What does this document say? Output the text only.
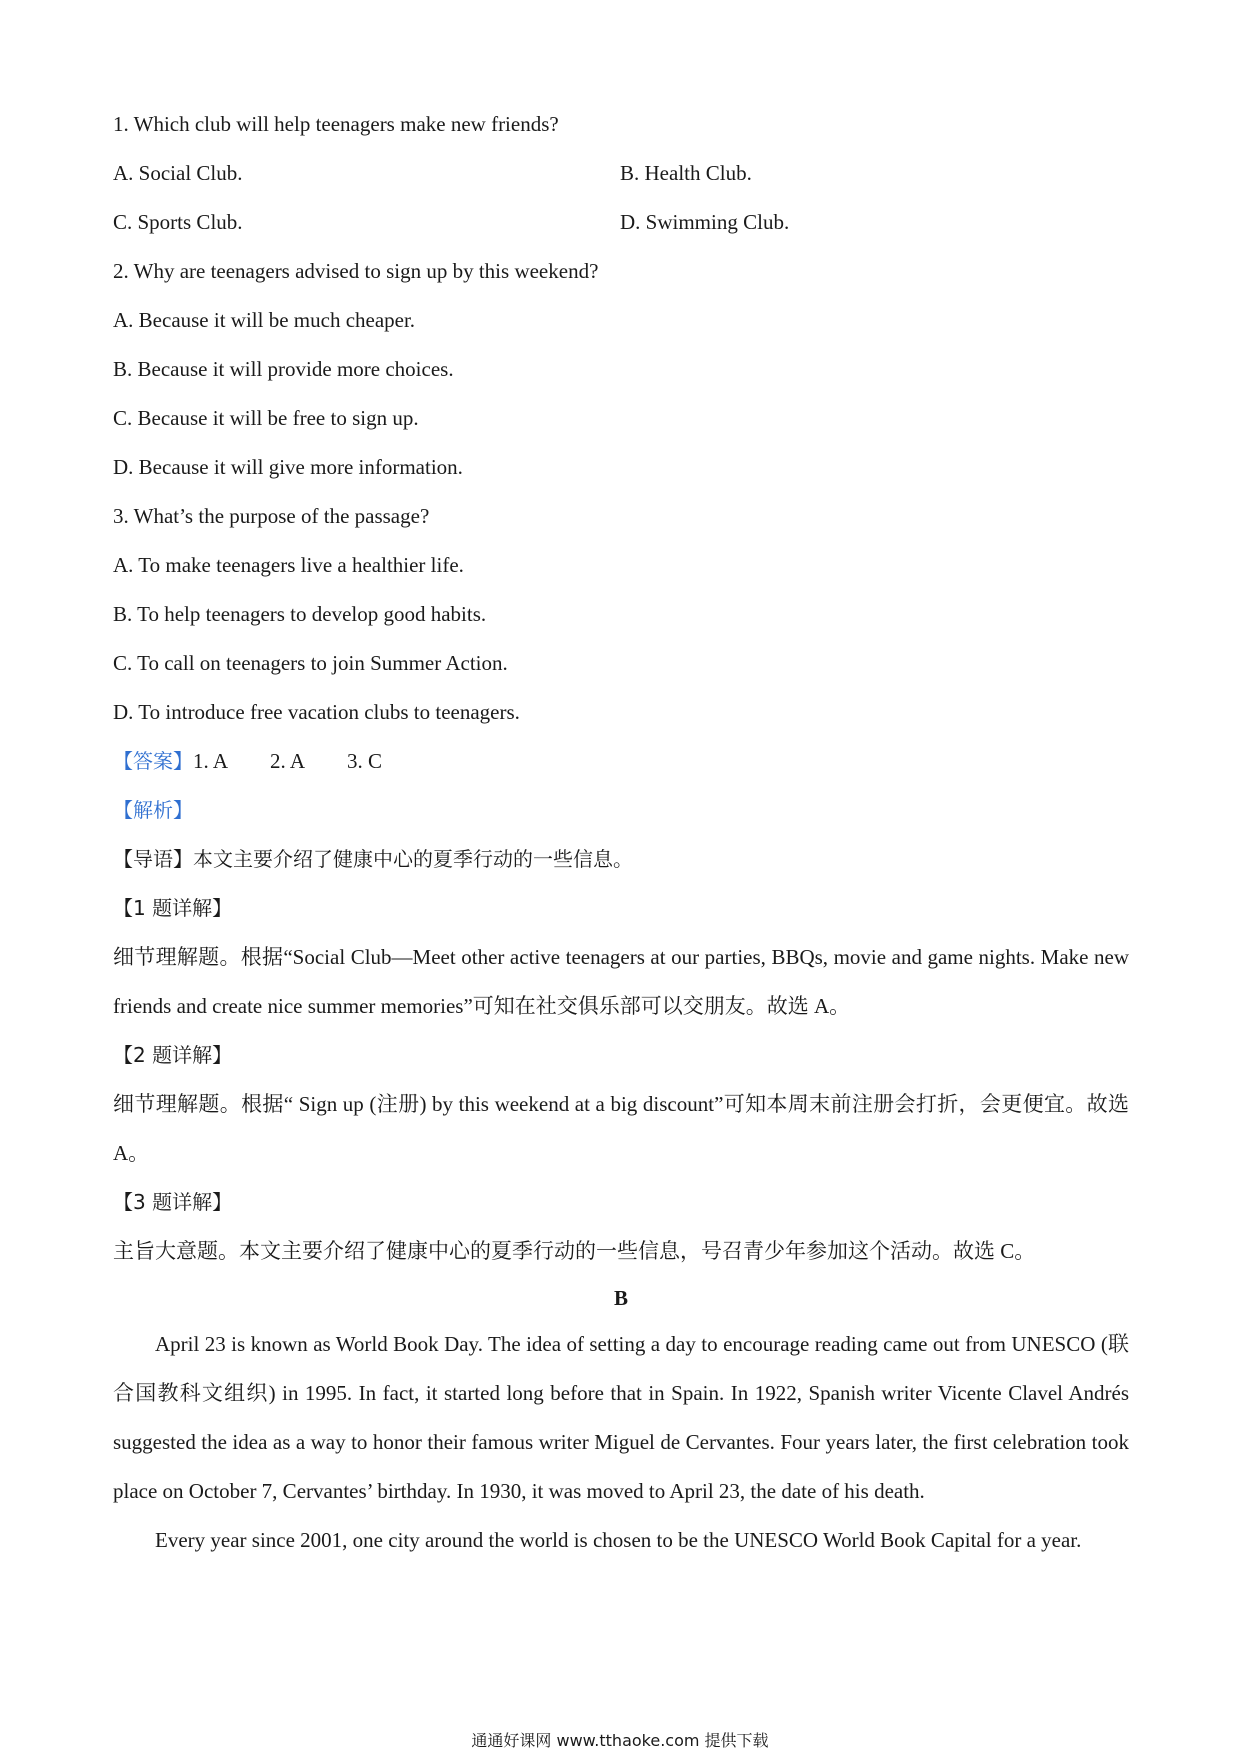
1. Which club will help teenagers make new friends?
A. Social Club.	B. Health Club.
C. Sports Club.	D. Swimming Club.
2. Why are teenagers advised to sign up by this weekend?
A. Because it will be much cheaper.
B. Because it will provide more choices.
C. Because it will be free to sign up.
D. Because it will give more information.
3. What’s the purpose of the passage?
A. To make teenagers live a healthier life.
B. To help teenagers to develop good habits.
C. To call on teenagers to join Summer Action.
D. To introduce free vacation clubs to teenagers.
【答案】1. A 2. A 3. C
【解析】
【导语】本文主要介绍了健康中心的夏季行动的一些信息。
【1 题详解】
细节理解题。根据“Social Club—Meet other active teenagers at our parties, BBQs, movie and game nights. Make new friends and create nice summer memories”可知在社交俱乐部可以交朋友。故选 A。
【2 题详解】
细节理解题。根据“ Sign up (注册) by this weekend at a big discount”可知本周末前注册会打折，会更便宜。故选 A。
【3 题详解】
主旨大意题。本文主要介绍了健康中心的夏季行动的一些信息，号召青少年参加这个活动。故选 C。
B
April 23 is known as World Book Day. The idea of setting a day to encourage reading came out from UNESCO (联合国教科文组织) in 1995. In fact, it started long before that in Spain. In 1922, Spanish writer Vicente Clavel Andrés suggested the idea as a way to honor their famous writer Miguel de Cervantes. Four years later, the first celebration took place on October 7, Cervantes’ birthday. In 1930, it was moved to April 23, the date of his death.
Every year since 2001, one city around the world is chosen to be the UNESCO World Book Capital for a year.
通通好课网 www.tthaoke.com 提供下载
